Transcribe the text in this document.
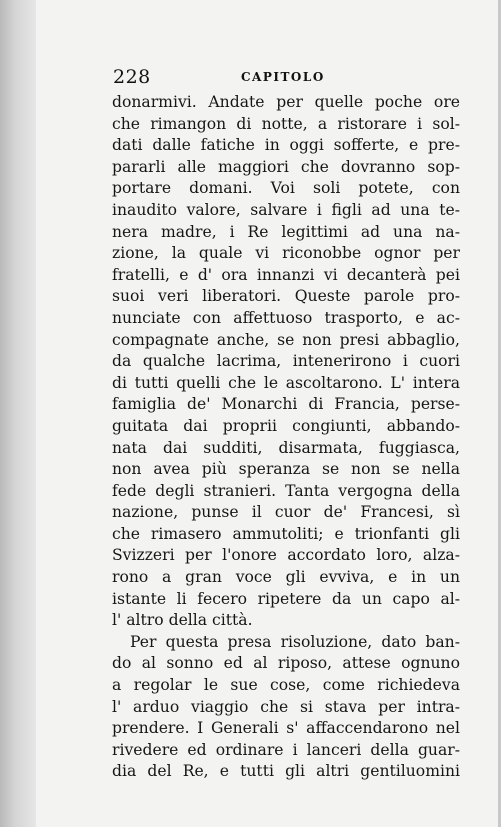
228	CAPITOLO
donarmivi. Andate per quelle poche ore
che rimangon di notte, a ristorare i sol-
dati dalle fatiche in oggi sofferte, e pre-
pararli alle maggiori che dovranno sop-
portare domani. Voi soli potete, con
inaudito valore, salvare i figli ad una te-
nera madre, i Re legittimi ad una na-
zione, la quale vi riconobbe ognor per
fratelli, e d' ora innanzi vi decanterà pei
suoi veri liberatori. Queste parole pro-
nunciate con affettuoso trasporto, e ac-
compagnate anche, se non presi abbaglio,
da qualche lacrima, intenerirono i cuori
di tutti quelli che le ascoltarono. L' intera
famiglia de' Monarchi di Francia, perse-
guitata dai proprii congiunti, abbando-
nata dai sudditi, disarmata, fuggiasca,
non avea più speranza se non se nella
fede degli stranieri. Tanta vergogna della
nazione, punse il cuor de' Francesi, sì
che rimasero ammutoliti; e trionfanti gli
Svizzeri per l'onore accordato loro, alza-
rono a gran voce gli evviva, e in un
istante li fecero ripetere da un capo al-
l' altro della città.
Per questa presa risoluzione, dato ban-
do al sonno ed al riposo, attese ognuno
a regolar le sue cose, come richiedeva
l' arduo viaggio che si stava per intra-
prendere. I Generali s' affaccendarono nel
rivedere ed ordinare i lanceri della guar-
dia del Re, e tutti gli altri gentiluomini
